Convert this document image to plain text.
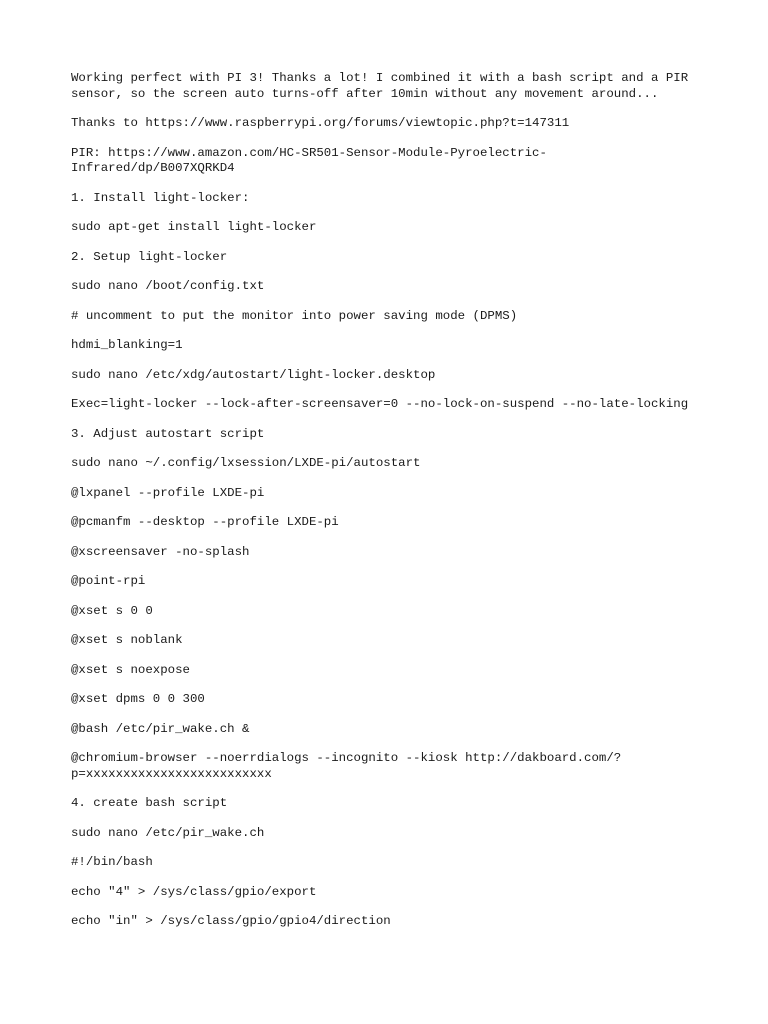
Working perfect with PI 3! Thanks a lot! I combined it with a bash script and a PIR
sensor, so the screen auto turns-off after 10min without any movement around...

Thanks to https://www.raspberrypi.org/forums/viewtopic.php?t=147311

PIR: https://www.amazon.com/HC-SR501-Sensor-Module-Pyroelectric-
Infrared/dp/B007XQRKD4

1. Install light-locker:

sudo apt-get install light-locker

2. Setup light-locker

sudo nano /boot/config.txt

# uncomment to put the monitor into power saving mode (DPMS)

hdmi_blanking=1

sudo nano /etc/xdg/autostart/light-locker.desktop

Exec=light-locker --lock-after-screensaver=0 --no-lock-on-suspend --no-late-locking

3. Adjust autostart script

sudo nano ~/.config/lxsession/LXDE-pi/autostart

@lxpanel --profile LXDE-pi

@pcmanfm --desktop --profile LXDE-pi

@xscreensaver -no-splash

@point-rpi

@xset s 0 0

@xset s noblank

@xset s noexpose

@xset dpms 0 0 300

@bash /etc/pir_wake.ch &

@chromium-browser --noerrdialogs --incognito --kiosk http://dakboard.com/?
p=xxxxxxxxxxxxxxxxxxxxxxxxx

4. create bash script

sudo nano /etc/pir_wake.ch

#!/bin/bash

echo "4" > /sys/class/gpio/export

echo "in" > /sys/class/gpio/gpio4/direction
